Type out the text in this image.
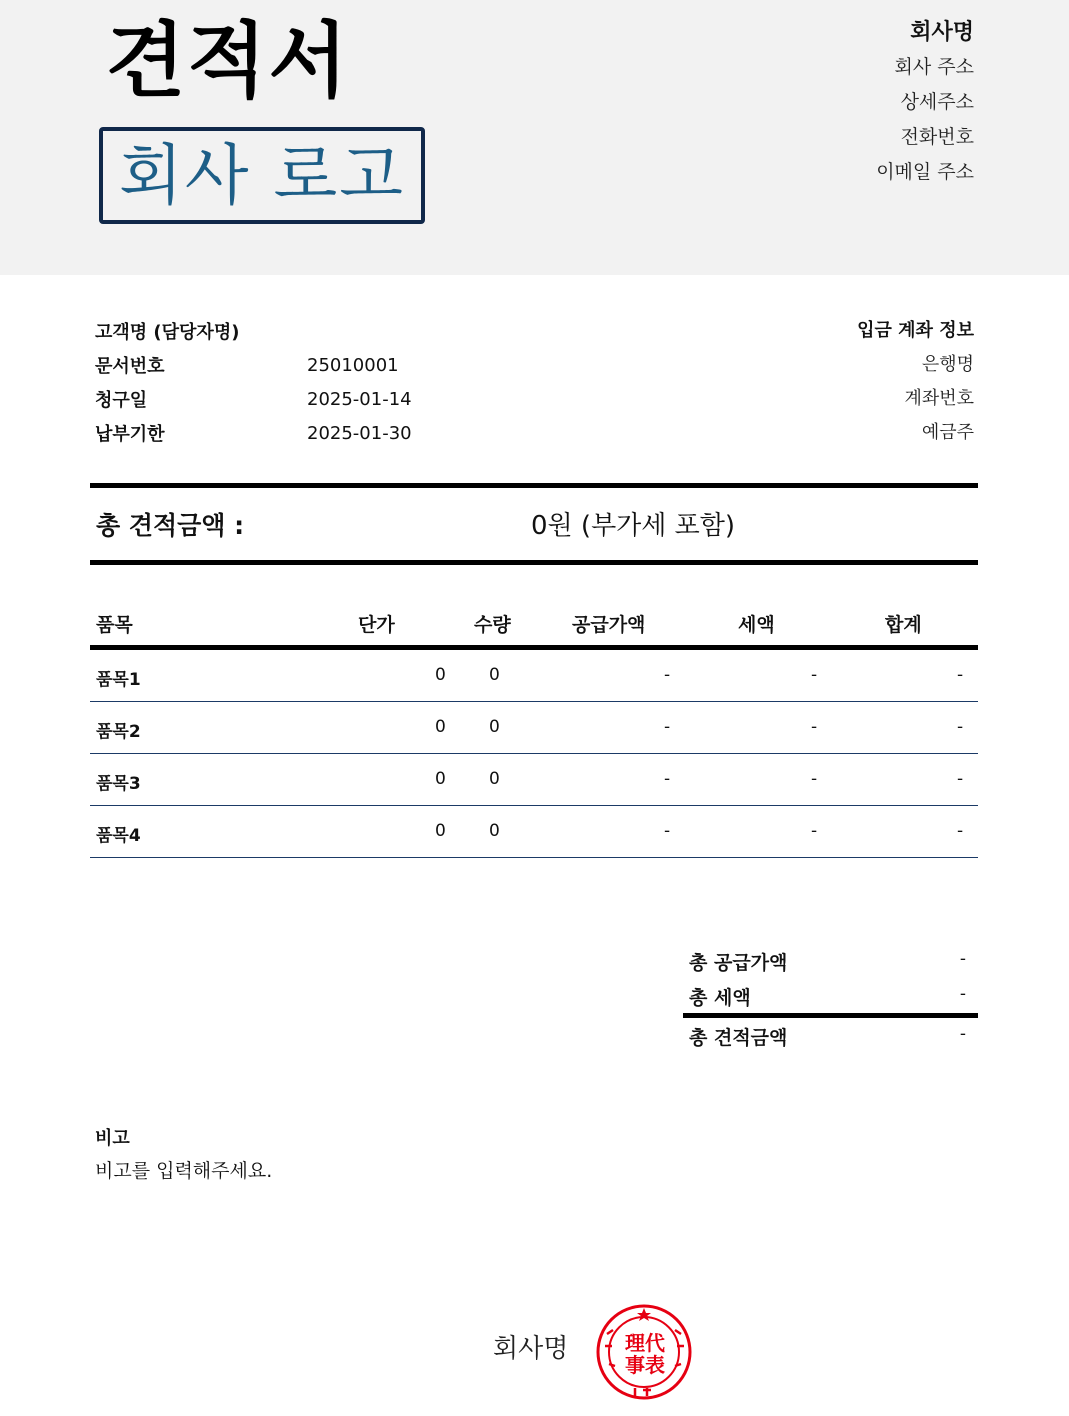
견적서
회사 로고
회사명
회사 주소
상세주소
전화번호
이메일 주소
고객명 (담당자명)
문서번호	25010001
청구일	2025-01-14
납부기한	2025-01-30
입금 계좌 정보
은행명
계좌번호
예금주
총 견적금액 :	0원 (부가세 포함)
품목	단가	수량	공급가액	세액	합계
품목1	0	0	-	-	-
품목2	0	0	-	-	-
품목3	0	0	-	-	-
품목4	0	0	-	-	-
총 공급가액	-
총 세액	-
총 견적금액	-
비고
비고를 입력해주세요.
회사명	理 代
事 表
